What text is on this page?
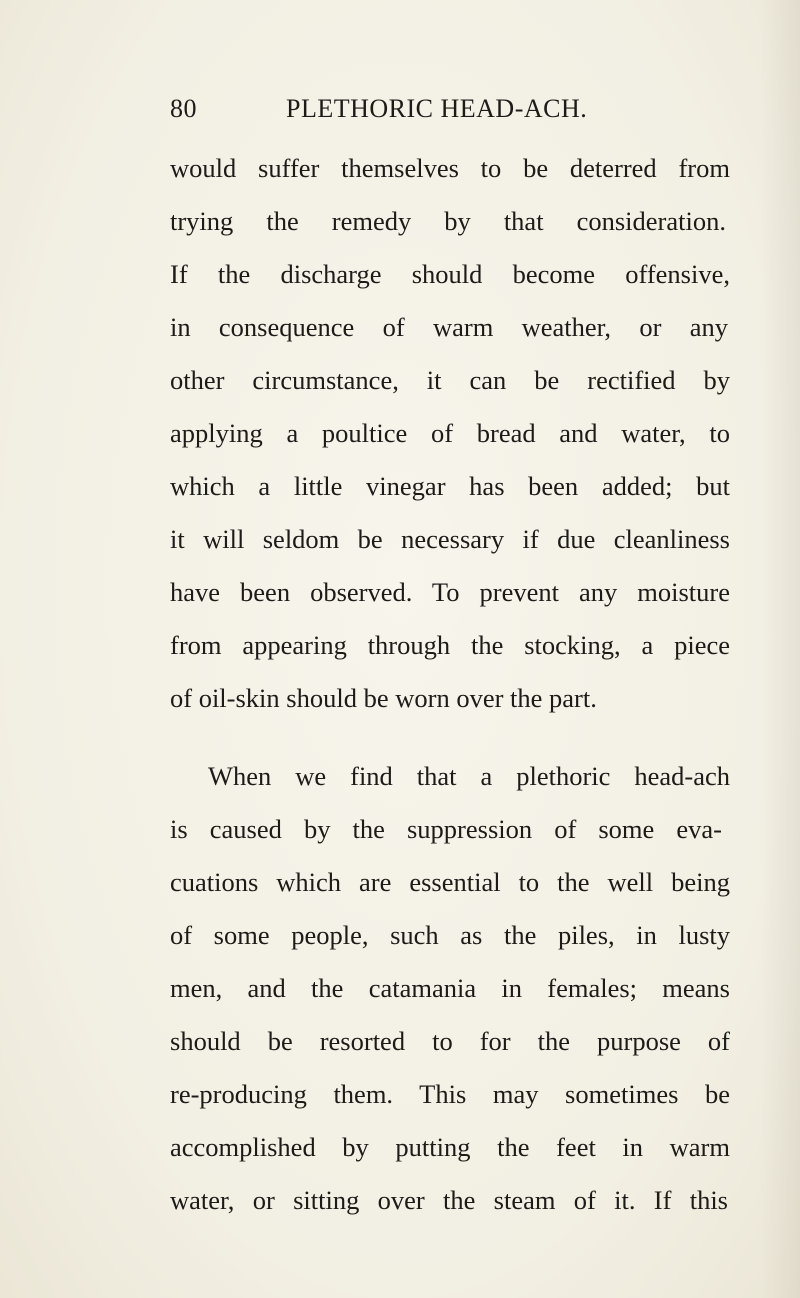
80	PLETHORIC HEAD-ACH.
would suffer themselves to be deterred from
trying the remedy by that consideration.
If the discharge should become offensive,
in consequence of warm weather, or any
other circumstance, it can be rectified by
applying a poultice of bread and water, to
which a little vinegar has been added; but
it will seldom be necessary if due cleanliness
have been observed. To prevent any moisture
from appearing through the stocking, a piece
of oil-skin should be worn over the part.
When we find that a plethoric head-ach
is caused by the suppression of some eva-
cuations which are essential to the well being
of some people, such as the piles, in lusty
men, and the catamania in females; means
should be resorted to for the purpose of
re-producing them. This may sometimes be
accomplished by putting the feet in warm
water, or sitting over the steam of it. If this
